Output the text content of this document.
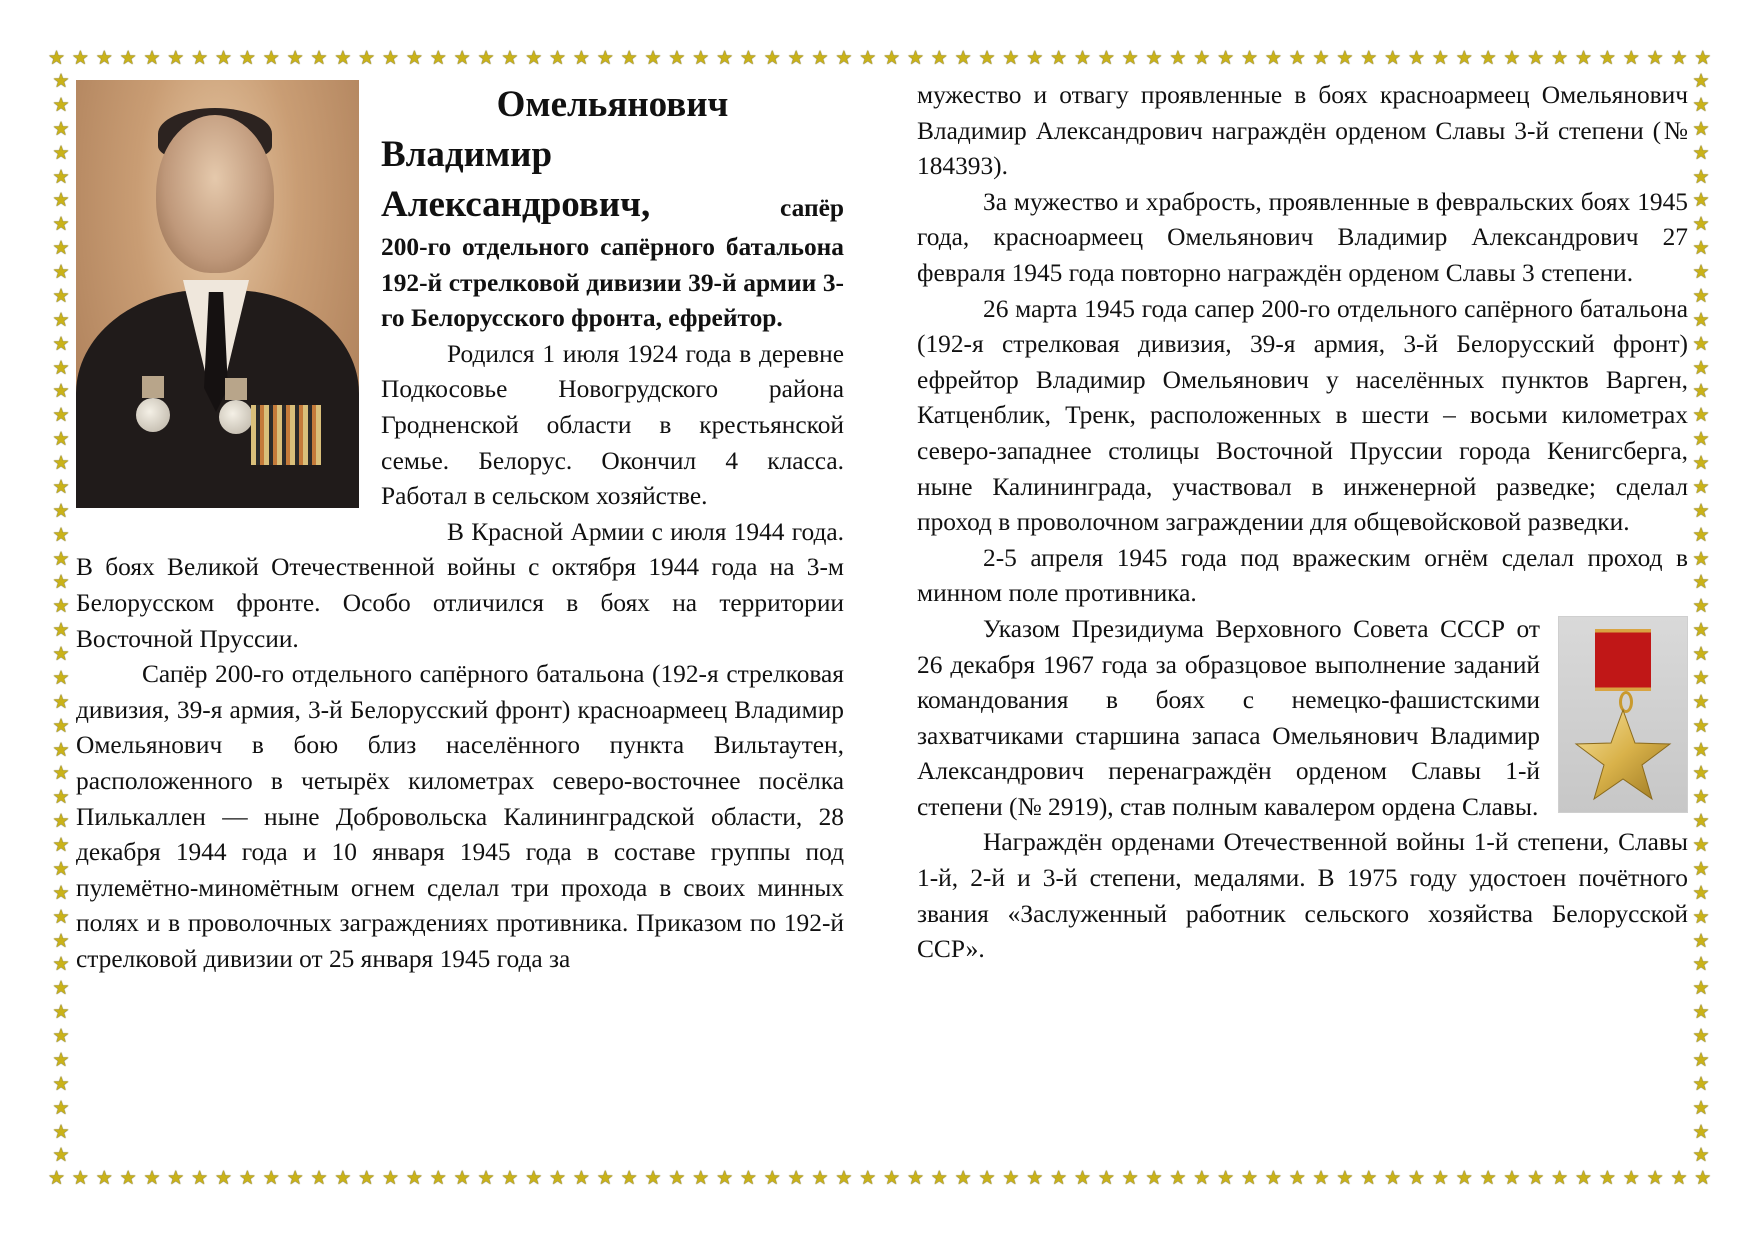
★ ★ ★ ★ ★ ★ ★ ★ ★ ★ ★ ★ ★ ★ ★ ★ ★ ★ ★ ★ ★ ★ ★ ★ ★ ★ ★ ★ ★ ★ ★ ★ ★ ★ ★ ★ ★ ★ ★ ★ ★ ★ ★ ★ ★ ★ ★ ★ ★ ★ ★ ★ ★ ★ ★ ★ ★ ★ ★ ★ ★ ★ ★ ★ ★ ★ ★ ★ ★ ★
★ ★ ★ ★ ★ ★ ★ ★ ★ ★ ★ ★ ★ ★ ★ ★ ★ ★ ★ ★ ★ ★ ★ ★ ★ ★ ★ ★ ★ ★ ★ ★ ★ ★ ★ ★ ★ ★ ★ ★ ★ ★ ★ ★ ★ ★ ★ ★ ★ ★ ★ ★ ★ ★ ★ ★ ★ ★ ★ ★ ★ ★ ★ ★ ★ ★ ★ ★ ★ ★
★
★
★
★
★
★
★
★
★
★
★
★
★
★
★
★
★
★
★
★
★
★
★
★
★
★
★
★
★
★
★
★
★
★
★
★
★
★
★
★
★
★
★
★
★
★
★
★
★
★
★
★
★
★
★
★
★
★
★
★
★
★
★
★
★
★
★
★
★
★
★
★
★
★
★
★
★
★
★
★
★
★
★
★
★
★
★
★
★
★
★
★
Омельянович
Владимир
Александрович,	сапёр

200-го отдельного сапёрного батальона 192-й стрелковой дивизии 39-й армии 3-го Белорусского фронта, ефрейтор.

Родился 1 июля 1924 года в деревне Подкосовье Новогрудского района Гродненской области в крестьянской семье. Белорус. Окончил 4 класса. Работал в сельском хозяйстве.

В Красной Армии с июля 1944 года. В боях Великой Отечественной войны с октября 1944 года на 3-м Белорусском фронте. Особо отличился в боях на территории Восточной Пруссии.

Сапёр 200-го отдельного сапёрного батальона (192-я стрелковая дивизия, 39-я армия, 3-й Белорусский фронт) красноармеец Владимир Омельянович в бою близ населённого пункта Вильтаутен, расположенного в четырёх километрах северо-восточнее посёлка Пилькаллен — ныне Добровольска Калининградской области, 28 декабря 1944 года и 10 января 1945 года в составе группы под пулемётно-миномётным огнем сделал три прохода в своих минных полях и в проволочных заграждениях противника. Приказом по 192-й стрелковой дивизии от 25 января 1945 года за

мужество и отвагу проявленные в боях красноармеец Омельянович Владимир Александрович награждён орденом Славы 3-й степени (№ 184393).

За мужество и храбрость, проявленные в февральских боях 1945 года, красноармеец Омельянович Владимир Александрович 27 февраля 1945 года повторно награждён орденом Славы 3 степени.

26 марта 1945 года сапер 200-го отдельного сапёрного батальона (192-я стрелковая дивизия, 39-я армия, 3-й Белорусский фронт) ефрейтор Владимир Омельянович у населённых пунктов Варген, Катценблик, Тренк, расположенных в шести – восьми километрах северо-западнее столицы Восточной Пруссии города Кенигсберга, ныне Калининграда, участвовал в инженерной разведке; сделал проход в проволочном заграждении для общевойсковой разведки.

2-5 апреля 1945 года под вражеским огнём сделал проход в минном поле противника.

Указом Президиума Верховного Совета СССР от 26 декабря 1967 года за образцовое выполнение заданий командования в боях с немецко-фашистскими захватчиками старшина запаса Омельянович Владимир Александрович перенаграждён орденом Славы 1-й степени (№ 2919), став полным кавалером ордена Славы.

Награждён орденами Отечественной войны 1-й степени, Славы 1-й, 2-й и 3-й степени, медалями. В 1975 году удостоен почётного звания «Заслуженный работник сельского хозяйства Белорусской ССР».
